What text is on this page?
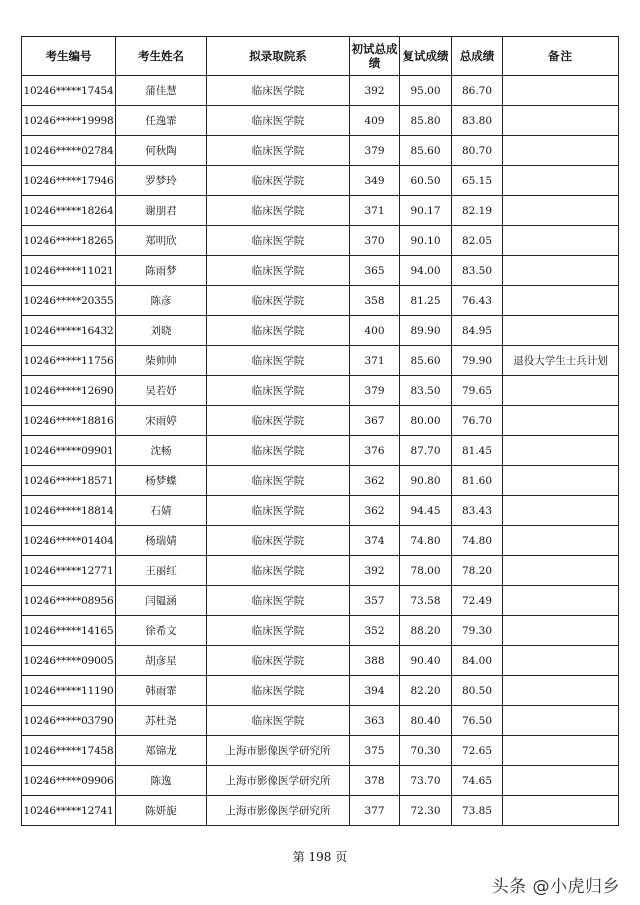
考生编号	考生姓名	拟录取院系	初试总成绩	复试成绩	总成绩	备注
10246*****17454	蒲佳慧	临床医学院	392	95.00	86.70	
10246*****19998	任逸霏	临床医学院	409	85.80	83.80	
10246*****02784	何秋陶	临床医学院	379	85.60	80.70	
10246*****17946	罗梦玲	临床医学院	349	60.50	65.15	
10246*****18264	谢朋君	临床医学院	371	90.17	82.19	
10246*****18265	郑明欣	临床医学院	370	90.10	82.05	
10246*****11021	陈雨梦	临床医学院	365	94.00	83.50	
10246*****20355	陈彦	临床医学院	358	81.25	76.43	
10246*****16432	刘晓	临床医学院	400	89.90	84.95	
10246*****11756	柴帅帅	临床医学院	371	85.60	79.90	退役大学生士兵计划
10246*****12690	吴若妤	临床医学院	379	83.50	79.65	
10246*****18816	宋雨婷	临床医学院	367	80.00	76.70	
10246*****09901	沈畅	临床医学院	376	87.70	81.45	
10246*****18571	杨梦蝶	临床医学院	362	90.80	81.60	
10246*****18814	石婧	临床医学院	362	94.45	83.43	
10246*****01404	杨瑞婧	临床医学院	374	74.80	74.80	
10246*****12771	王丽红	临床医学院	392	78.00	78.20	
10246*****08956	闫韫涵	临床医学院	357	73.58	72.49	
10246*****14165	徐希文	临床医学院	352	88.20	79.30	
10246*****09005	胡彦星	临床医学院	388	90.40	84.00	
10246*****11190	韩雨霏	临床医学院	394	82.20	80.50	
10246*****03790	苏杜尧	临床医学院	363	80.40	76.50	
10246*****17458	郑锦龙	上海市影像医学研究所	375	70.30	72.65	
10246*****09906	陈逸	上海市影像医学研究所	378	73.70	74.65	
10246*****12741	陈妍旎	上海市影像医学研究所	377	72.30	73.85	
第 198 页
头条 @小虎归乡
